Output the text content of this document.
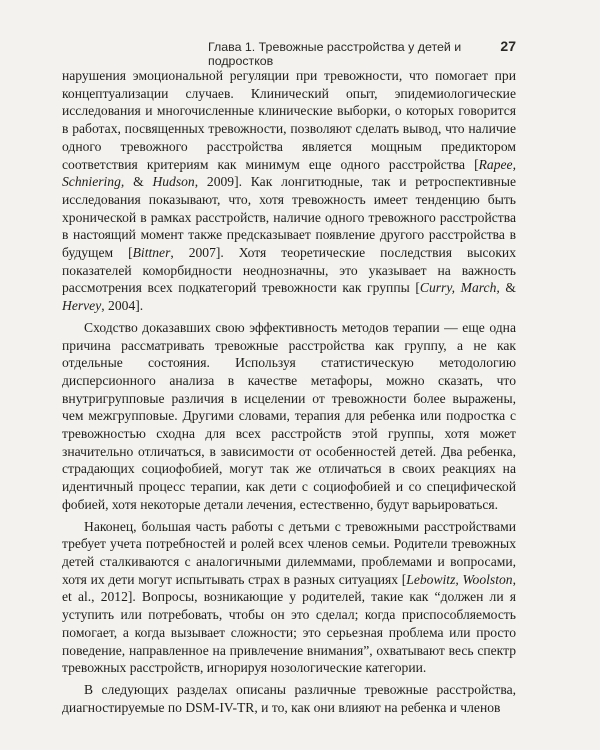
Глава 1. Тревожные расстройства у детей и подростков
27

нарушения эмоциональной регуляции при тревожности, что помогает при концептуализации случаев. Клинический опыт, эпидемиологические исследования и многочисленные клинические выборки, о которых говорится в работах, посвященных тревожности, позволяют сделать вывод, что наличие одного тревожного расстройства является мощным предиктором соответствия критериям как минимум еще одного расстройства [Rapee, Schniering, & Hudson, 2009]. Как лонгитюдные, так и ретроспективные исследования показывают, что, хотя тревожность имеет тенденцию быть хронической в рамках расстройств, наличие одного тревожного расстройства в настоящий момент также предсказывает появление другого расстройства в будущем [Bittner, 2007]. Хотя теоретические последствия высоких показателей коморбидности неоднозначны, это указывает на важность рассмотрения всех подкатегорий тревожности как группы [Curry, March, & Hervey, 2004].

Сходство доказавших свою эффективность методов терапии — еще одна причина рассматривать тревожные расстройства как группу, а не как отдельные состояния. Используя статистическую методологию дисперсионного анализа в качестве метафоры, можно сказать, что внутригрупповые различия в исцелении от тревожности более выражены, чем межгрупповые. Другими словами, терапия для ребенка или подростка с тревожностью сходна для всех расстройств этой группы, хотя может значительно отличаться, в зависимости от особенностей детей. Два ребенка, страдающих социофобией, могут так же отличаться в своих реакциях на идентичный процесс терапии, как дети с социофобией и со специфической фобией, хотя некоторые детали лечения, естественно, будут варьироваться.

Наконец, большая часть работы с детьми с тревожными расстройствами требует учета потребностей и ролей всех членов семьи. Родители тревожных детей сталкиваются с аналогичными дилеммами, проблемами и вопросами, хотя их дети могут испытывать страх в разных ситуациях [Lebowitz, Woolston, et al., 2012]. Вопросы, возникающие у родителей, такие как “должен ли я уступить или потребовать, чтобы он это сделал; когда приспособляемость помогает, а когда вызывает сложности; это серьезная проблема или просто поведение, направленное на привлечение внимания”, охватывают весь спектр тревожных расстройств, игнорируя нозологические категории.

В следующих разделах описаны различные тревожные расстройства, диагностируемые по DSM-IV-TR, и то, как они влияют на ребенка и членов
